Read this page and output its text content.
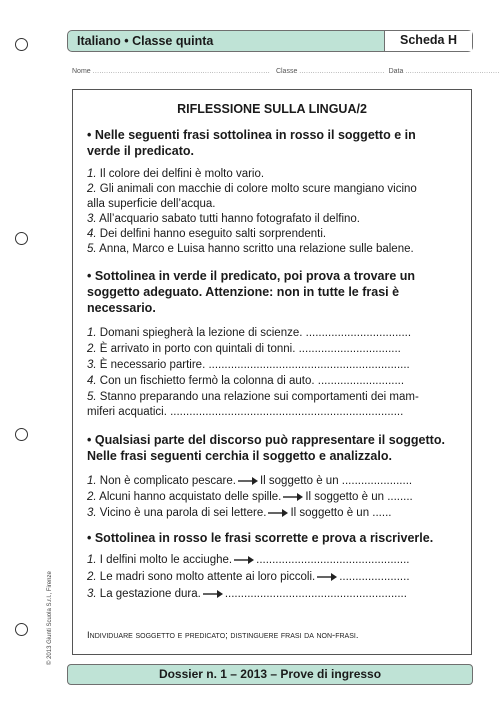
Italiano • Classe quinta	Scheda H
Nome ............................................................................... Classe ...................................... Data ..........................................
RIFLESSIONE SULLA LINGUA/2
• Nelle seguenti frasi sottolinea in rosso il soggetto e in
verde il predicato.
1. Il colore dei delfini è molto vario.
2. Gli animali con macchie di colore molto scure mangiano vicino
alla superficie dell’acqua.
3. All’acquario sabato tutti hanno fotografato il delfino.
4. Dei delfini hanno eseguito salti sorprendenti.
5. Anna, Marco e Luisa hanno scritto una relazione sulle balene.
• Sottolinea in verde il predicato, poi prova a trovare un
soggetto adeguato. Attenzione: non in tutte le frasi è
necessario.
1. Domani spiegherà la lezione di scienze. .................................
2. È arrivato in porto con quintali di tonni. ................................
3. È necessario partire. ...............................................................
4. Con un fischietto fermò la colonna di auto. ...........................
5. Stanno preparando una relazione sui comportamenti dei mam-
miferi acquatici. .........................................................................
• Qualsiasi parte del discorso può rappresentare il soggetto.
Nelle frasi seguenti cerchia il soggetto e analizzalo.
1. Non è complicato pescare. Il soggetto è un ......................
2. Alcuni hanno acquistato delle spille. Il soggetto è un ........
3. Vicino è una parola di sei lettere. Il soggetto è un ......
• Sottolinea in rosso le frasi scorrette e prova a riscriverle.
1. I delfini molto le acciughe. ................................................
2. Le madri sono molto attente ai loro piccoli. ......................
3. La gestazione dura. .........................................................
Individuare soggetto e predicato; distinguere frasi da non-frasi.
Dossier n. 1 – 2013 – Prove di ingresso
© 2013 Giunti Scuola S.r.l., Firenze
